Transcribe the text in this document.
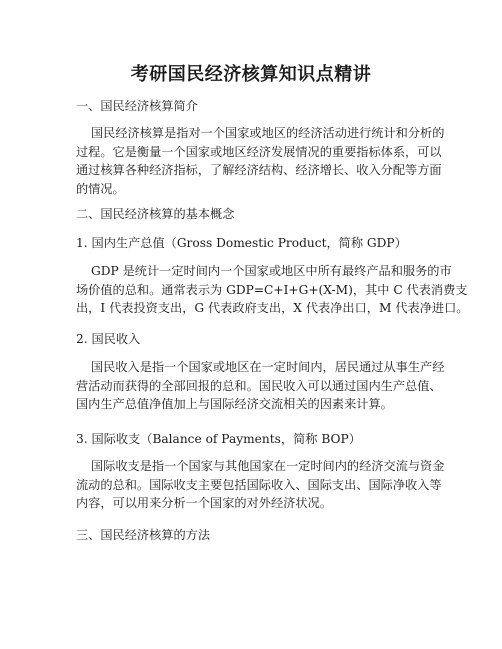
考研国民经济核算知识点精讲
一、国民经济核算简介
国民经济核算是指对一个国家或地区的经济活动进行统计和分析的
过程。它是衡量一个国家或地区经济发展情况的重要指标体系，可以
通过核算各种经济指标，了解经济结构、经济增长、收入分配等方面
的情况。
二、国民经济核算的基本概念
1. 国内生产总值（Gross Domestic Product，简称 GDP）
GDP 是统计一定时间内一个国家或地区中所有最终产品和服务的市
场价值的总和。通常表示为 GDP=C+I+G+(X-M)，其中 C 代表消费支
出，I 代表投资支出，G 代表政府支出，X 代表净出口，M 代表净进口。
2. 国民收入
国民收入是指一个国家或地区在一定时间内，居民通过从事生产经
营活动而获得的全部回报的总和。国民收入可以通过国内生产总值、
国内生产总值净值加上与国际经济交流相关的因素来计算。
3. 国际收支（Balance of Payments，简称 BOP）
国际收支是指一个国家与其他国家在一定时间内的经济交流与资金
流动的总和。国际收支主要包括国际收入、国际支出、国际净收入等
内容，可以用来分析一个国家的对外经济状况。
三、国民经济核算的方法
